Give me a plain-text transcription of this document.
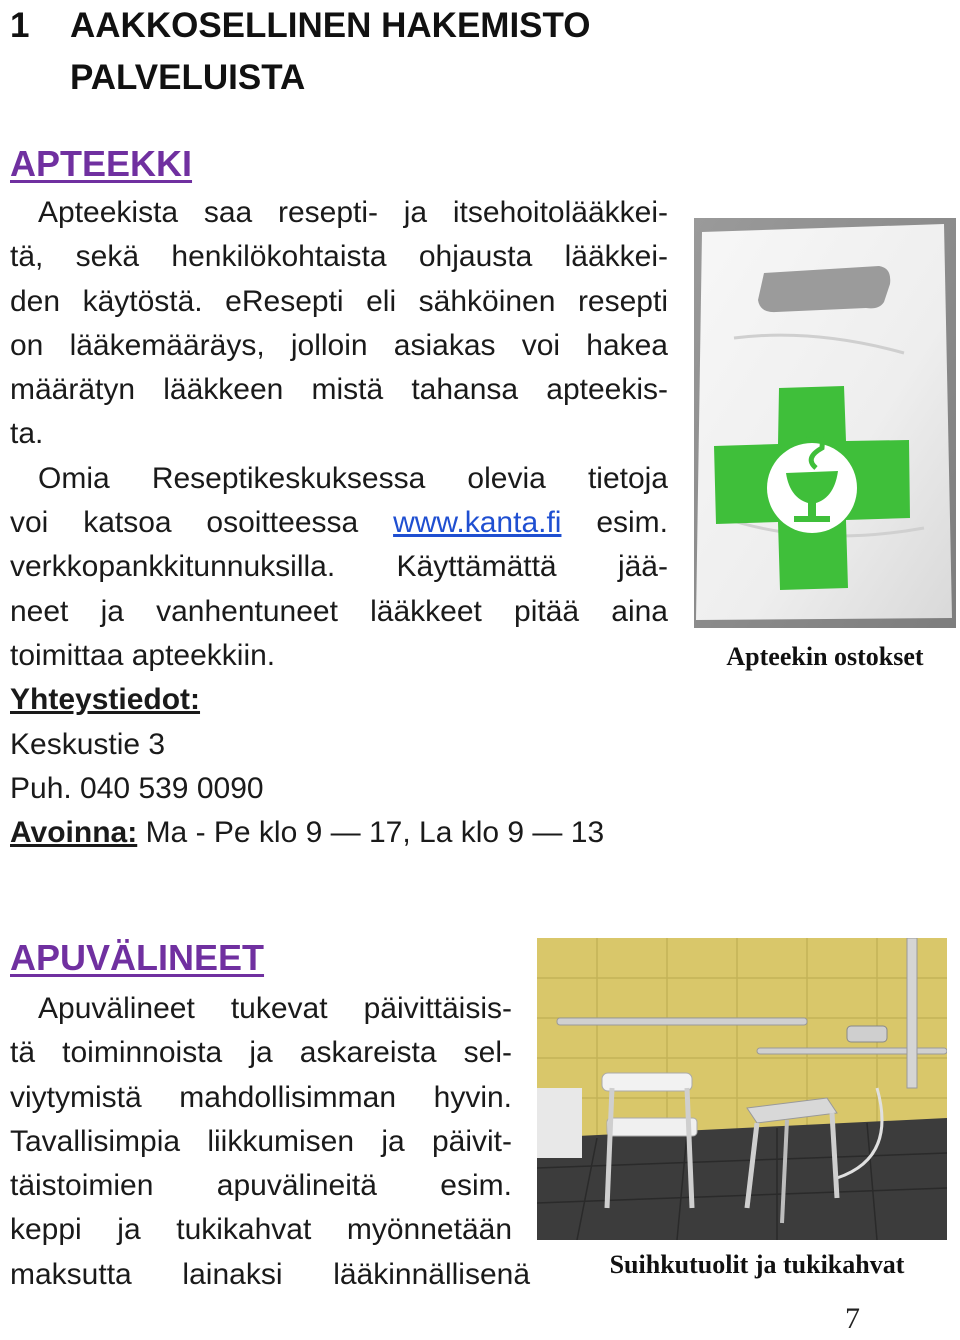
1 AAKKOSELLINEN HAKEMISTO
PALVELUISTA
APTEEKKI
Apteekista saa resepti- ja itsehoitolääkkei-
tä, sekä henkilökohtaista ohjausta lääkkei-
den käytöstä. eResepti eli sähköinen resepti
on lääkemääräys, jolloin asiakas voi hakea
määrätyn lääkkeen mistä tahansa apteekis-
ta.
Omia Reseptikeskuksessa olevia tietoja
voi katsoa osoitteessa www.kanta.fi esim.
verkkopankkitunnuksilla. Käyttämättä jää-
neet ja vanhentuneet lääkkeet pitää aina
toimittaa apteekkiin.
Yhteystiedot:
Keskustie 3
Puh. 040 539 0090
Avoinna: Ma - Pe klo 9 — 17, La klo 9 — 13
Apteekin ostokset
APUVÄLINEET
Apuvälineet tukevat päivittäisis-
tä toiminnoista ja askareista sel-
viytymistä mahdollisimman hyvin.
Tavallisimpia liikkumisen ja päivit-
täistoimien apuvälineitä esim.
keppi ja tukikahvat myönnetään
maksutta lainaksi lääkinnällisenä	Suihkutuolit ja tukikahvat
7
